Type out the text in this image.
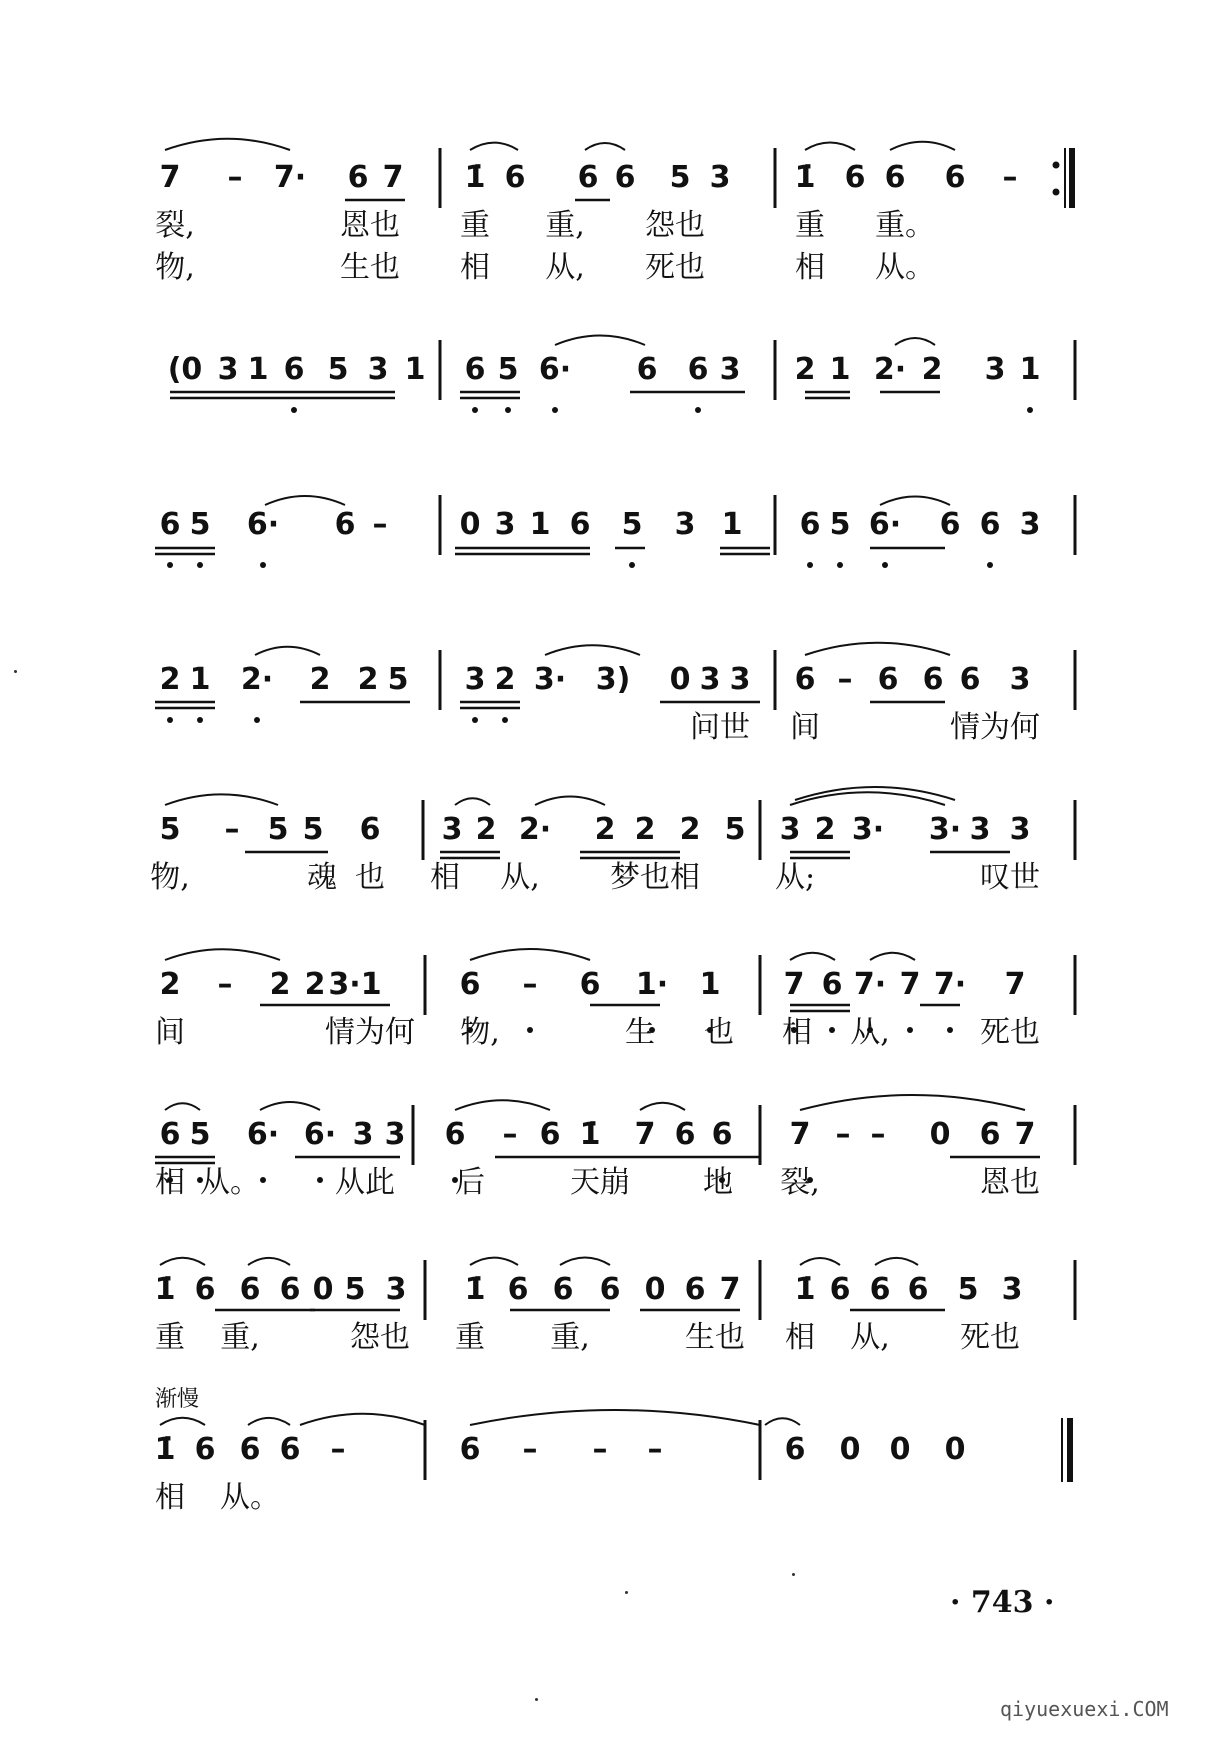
7 – 7· 6 7 1̇ 6 6 6 5 3 1̇ 6 6 6 –
裂,	恩也 重 重, 怨也	重 重。
物,	生也 相 从, 死也	相 从。
(0 3 1 6 5 3 1 6 5 6· 6 6 3 2 1 2· 2 3 1
6 5 6· 6 – 0 3 1 6 5 3 1 6 5 6· 6 6 3
2 1 2· 2 2 5 3 2 3· 3) 0 3 3 6 – 6 6 6 3
问世 间	情为何
5 – 5 5 6 3 2 2· 2 2 2 5 3 2 3· 3· 3 3
物,	魂 也 相 从, 梦也相 从;	叹世
2 – 2 2 3·1	6 – 6 1· 1 7 6 7· 7 7· 7
间	情为何 物,	生 也 相 从,	死也
6 5 6· 6· 3 3 6 – 6 1̇ 7 6 6 7 – – 0 6 7
相 从。	从此 后	天崩 地 裂,	恩也
1̇ 6 6 6 0 5 3 1̇ 6 6 6 0 6 7 1̇ 6 6 6 5 3
重 重,	怨也 重 重,	生也 相 从, 死也
1̇ 6 6 6 –	6 – – –	6 0 0 0
相 从。
渐慢
· 743 ·
qiyuexuexi.COM
